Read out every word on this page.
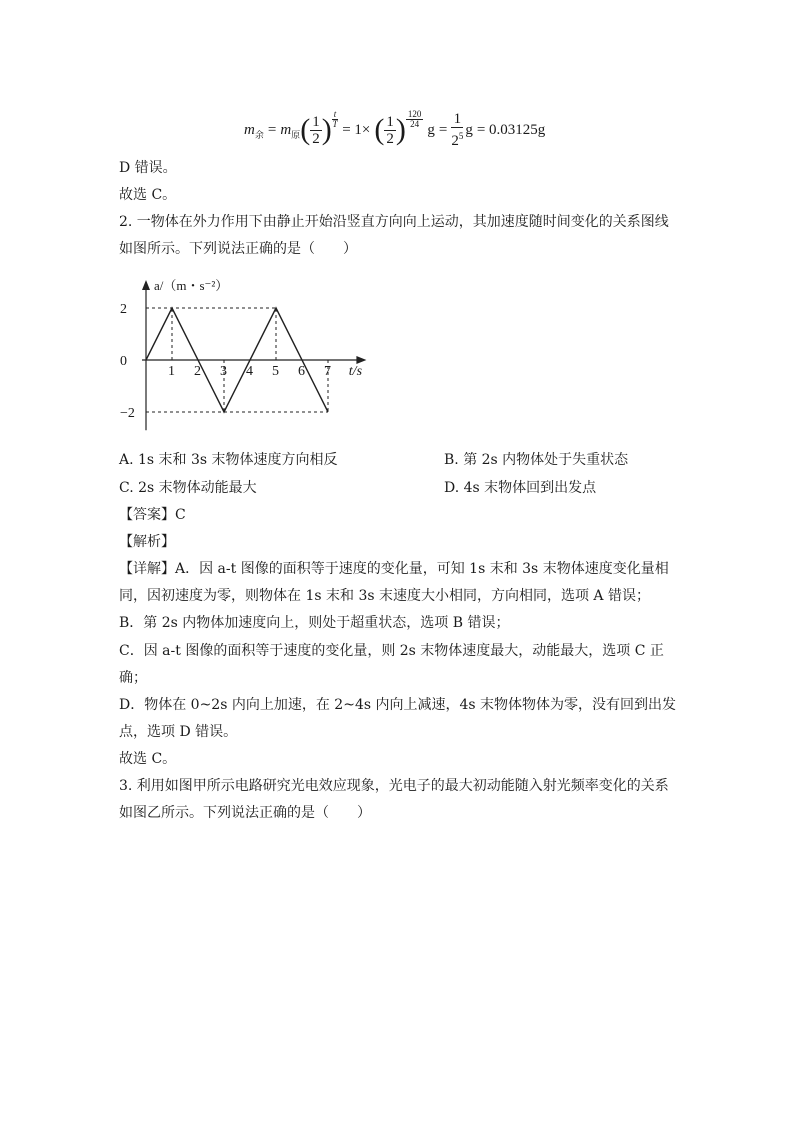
$m_余 = m_原$ ( $\frac{1}{2}$ ) $\frac{t}{T}$
= 1× ( $\frac{1}{2}$ ) $\frac{120}{24}$
$g = \frac{1}{2^5}$ g = 0.03125g
D 错误。
故选 C。
2. 一物体在外力作用下由静止开始沿竖直方向向上运动，其加速度随时间变化的关系图线
如图所示。下列说法正确的是（　　）
1 2 3 4 5 6 7
2
0
−2
a/（m・s⁻²）
t/s
A. 1s 末和 3s 末物体速度方向相反	B. 第 2s 内物体处于失重状态
C. 2s 末物体动能最大	D. 4s 末物体回到出发点
【答案】C
【解析】
【详解】A．因 a-t 图像的面积等于速度的变化量，可知 1s 末和 3s 末物体速度变化量相
同，因初速度为零，则物体在 1s 末和 3s 末速度大小相同，方向相同，选项 A 错误；
B．第 2s 内物体加速度向上，则处于超重状态，选项 B 错误；
C．因 a-t 图像的面积等于速度的变化量，则 2s 末物体速度最大，动能最大，选项 C 正
确；
D．物体在 0~2s 内向上加速，在 2~4s 内向上减速，4s 末物体物体为零，没有回到出发
点，选项 D 错误。
故选 C。
3. 利用如图甲所示电路研究光电效应现象，光电子的最大初动能随入射光频率变化的关系
如图乙所示。下列说法正确的是（　　）
